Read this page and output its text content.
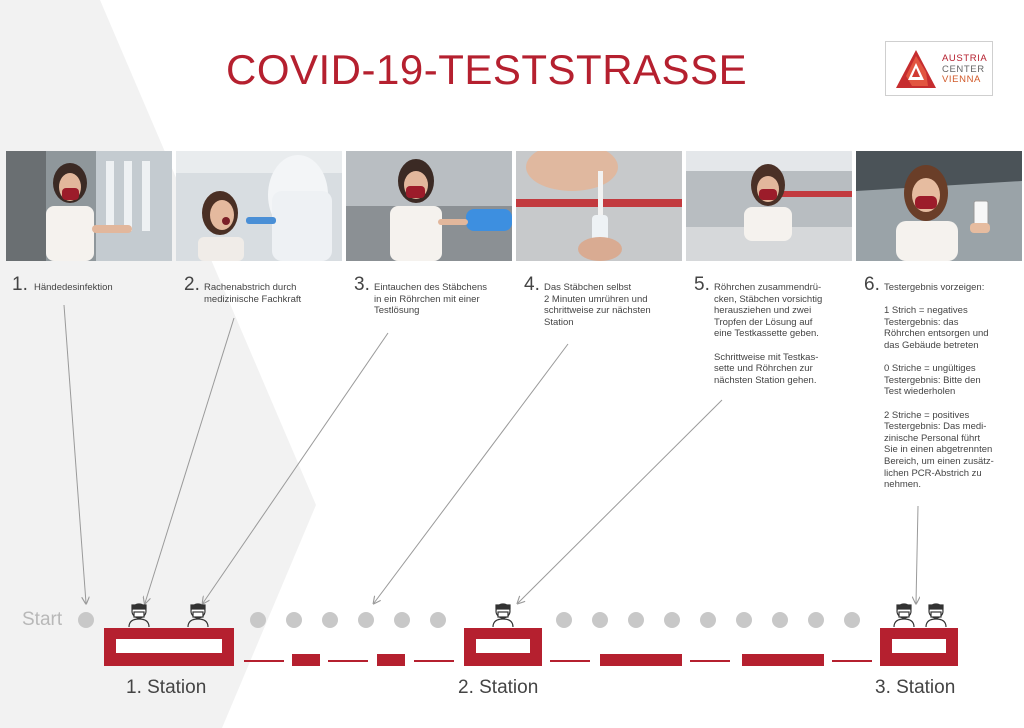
COVID-19-TESTSTRASSE	AUSTRIA
CENTER
VIENNA
1. Händedesinfektion	2. Rachenabstrich durch
medizinische Fachkraft

3. Eintauchen des Stäbchens
in ein Röhrchen mit einer
Testlösung

4. Das Stäbchen selbst
2 Minuten umrühren und
schrittweise zur nächsten
Station

5. Röhrchen zusammendrü-
cken, Stäbchen vorsichtig
herausziehen und zwei
Tropfen der Lösung auf
eine Testkassette geben.

Schrittweise mit Testkas-
sette und Röhrchen zur
nächsten Station gehen.

6. Testergebnis vorzeigen:

1 Strich = negatives
Testergebnis: das
Röhrchen entsorgen und
das Gebäude betreten

0 Striche = ungültiges
Testergebnis: Bitte den
Test wiederholen

2 Striche = positives
Testergebnis: Das medi-
zinische Personal führt
Sie in einen abgetrennten
Bereich, um einen zusätz-
lichen PCR-Abstrich zu
nehmen.

Start
1. Station	2. Station	3. Station
